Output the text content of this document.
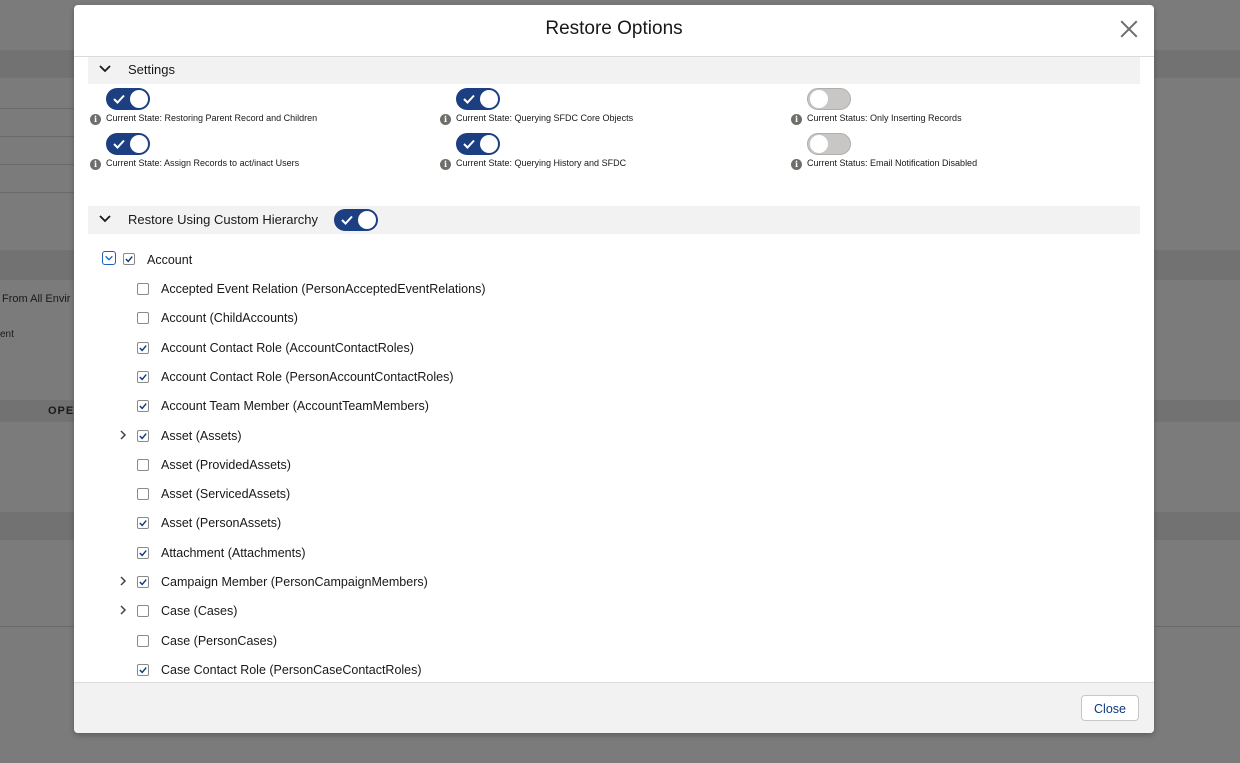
From All Envir
ent
OPE
Restore Options
Settings
i Current State: Restoring Parent Record and Children	i Current State: Querying SFDC Core Objects	i Current Status: Only Inserting Records
i Current State: Assign Records to act/inact Users	i Current State: Querying History and SFDC	i Current Status: Email Notification Disabled
Restore Using Custom Hierarchy
Account
Accepted Event Relation (PersonAcceptedEventRelations)
Account (ChildAccounts)
Account Contact Role (AccountContactRoles)
Account Contact Role (PersonAccountContactRoles)
Account Team Member (AccountTeamMembers)
Asset (Assets)
Asset (ProvidedAssets)
Asset (ServicedAssets)
Asset (PersonAssets)
Attachment (Attachments)
Campaign Member (PersonCampaignMembers)
Case (Cases)
Case (PersonCases)
Case Contact Role (PersonCaseContactRoles)
Close
